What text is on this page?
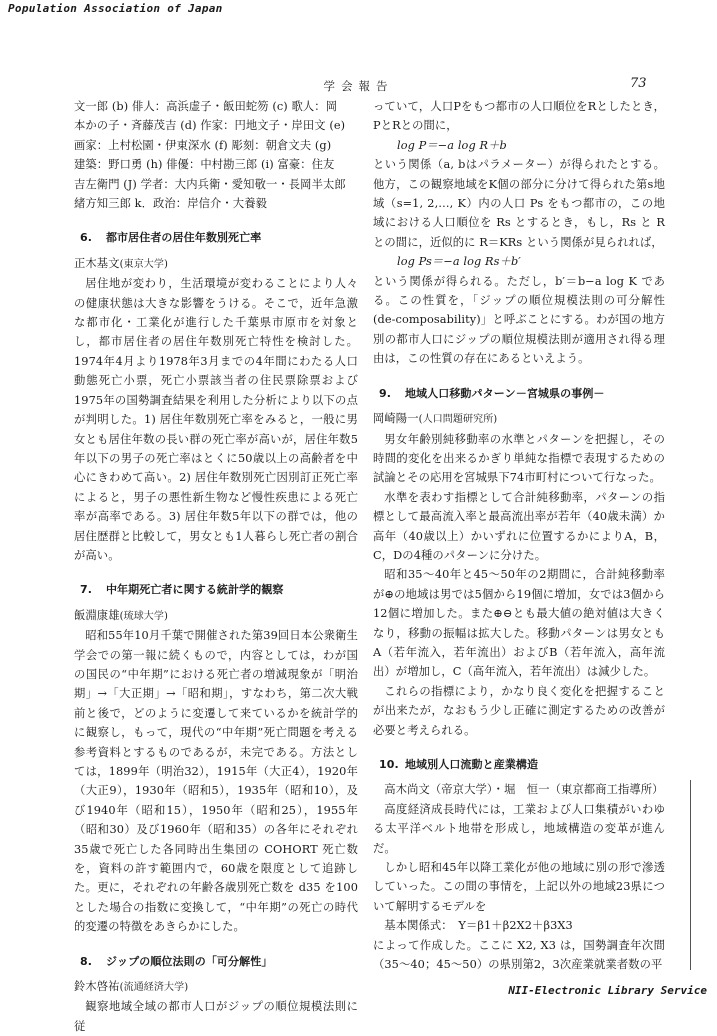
Population Association of Japan
学会報告	73

文一郎 (b) 俳人：高浜虚子・飯田蛇笏 (c) 歌人：岡

本かの子・斉藤茂吉 (d) 作家：円地文子・岸田文 (e)

画家：上村松園・伊東深水 (f) 彫刻：朝倉文夫 (g)

建築：野口勇 (h) 俳優：中村勘三郎 (i) 富豪：住友

吉左衛門 (J) 学者：大内兵衛・愛知敬一・長岡半太郎

緒方知三郎 k．政治：岸信介・大養毅

6. 都市居住者の居住年数別死亡率

正木基文(東京大学)

居住地が変わり，生活環境が変わることにより人々の健康状態は大きな影響をうける。そこで，近年急激な都市化・工業化が進行した千葉県市原市を対象とし，都市居住者の居住年数別死亡特性を検討した。1974年4月より1978年3月までの4年間にわたる人口動態死亡小票，死亡小票該当者の住民票除票および1975年の国勢調査結果を利用した分析により以下の点が判明した。1) 居住年数別死亡率をみると，一般に男女とも居住年数の長い群の死亡率が高いが，居住年数5年以下の男子の死亡率はとくに50歳以上の高齢者を中心にきわめて高い。2) 居住年数別死亡因別訂正死亡率によると，男子の悪性新生物など慢性疾患による死亡率が高率である。3) 居住年数5年以下の群では，他の居住歴群と比較して，男女とも1人暮らし死亡者の割合が高い。

7. 中年期死亡者に関する統計学的観察

飯淵康雄(琉球大学)

昭和55年10月千葉で開催された第39回日本公衆衛生学会での第一報に続くもので，内容としては，わが国の国民の“中年期”における死亡者の増減現象が「明治期」→「大正期」→「昭和期」，すなわち，第二次大戦前と後で，どのように変遷して来ているかを統計学的に観察し，もって，現代の“中年期”死亡問題を考える参考資料とするものであるが，未完である。方法としては，1899年（明治32），1915年（大正4），1920年（大正9），1930年（昭和5），1935年（昭和10），及び1940年（昭和15），1950年（昭和25），1955年（昭和30）及び1960年（昭和35）の各年にそれぞれ35歳で死亡した各同時出生集団の COHORT 死亡数を，資料の許す範囲内で，60歳を限度として追跡した。更に，それぞれの年齢各歳別死亡数を d35 を100とした場合の指数に変換して，“中年期”の死亡の時代的変遷の特徴をあきらかにした。

8. ジップの順位法則の「可分解性」

鈴木啓祐(流通経済大学)

観察地域全域の都市人口がジップの順位規模法則に従

っていて，人口Pをもつ都市の人口順位をRとしたとき，PとRとの間に，

log P＝−a log R＋b

という関係（a, bはパラメーター）が得られたとする。他方，この観察地域をK個の部分に分けて得られた第s地域（s=1, 2,…, K）内の人口 Ps をもつ都市の，この地域における人口順位を Rs とするとき，もし，Rs と R との間に，近似的に R＝KRs という関係が見られれば，

log Ps＝−a log Rs＋b′

という関係が得られる。ただし，b′＝b−a log K である。この性質を，「ジップの順位規模法則の可分解性 (de-composability)」と呼ぶことにする。わが国の地方別の都市人口にジップの順位規模法則が適用され得る理由は，この性質の存在にあるといえよう。

9. 地域人口移動パターン－宮城県の事例－

岡崎陽一(人口問題研究所)

男女年齢別純移動率の水準とパターンを把握し，その時間的変化を出来るかぎり単純な指標で表現するための試論とその応用を宮城県下74市町村について行なった。

水準を表わす指標として合計純移動率，パターンの指標として最高流入率と最高流出率が若年（40歳未満）か高年（40歳以上）かいずれに位置するかによりA，B，C，Dの4種のパターンに分けた。

昭和35〜40年と45〜50年の2期間に，合計純移動率が⊕の地域は男では5個から19個に増加，女では3個から12個に増加した。また⊕⊖とも最大値の絶対値は大きくなり，移動の振幅は拡大した。移動パターンは男女ともA（若年流入，若年流出）およびB（若年流入，高年流出）が増加し，C（高年流入，若年流出）は減少した。

これらの指標により，かなり良く変化を把握することが出来たが，なおもう少し正確に測定するための改善が必要と考えられる。

10. 地域別人口流動と産業構造

高木尚文（帝京大学）・堀　恒一（東京都商工指導所）

高度経済成長時代には，工業および人口集積がいわゆる太平洋ベルト地帯を形成し，地域構造の変革が進んだ。

しかし昭和45年以降工業化が他の地域に別の形で滲透していった。この間の事情を，上記以外の地域23県について解明するモデルを

基本関係式：　Y＝β1＋β2X2＋β3X3

によって作成した。ここに X2, X3 は，国勢調査年次間（35〜40；45〜50）の県別第2，3次産業就業者数の平

NII-Electronic Library Service
